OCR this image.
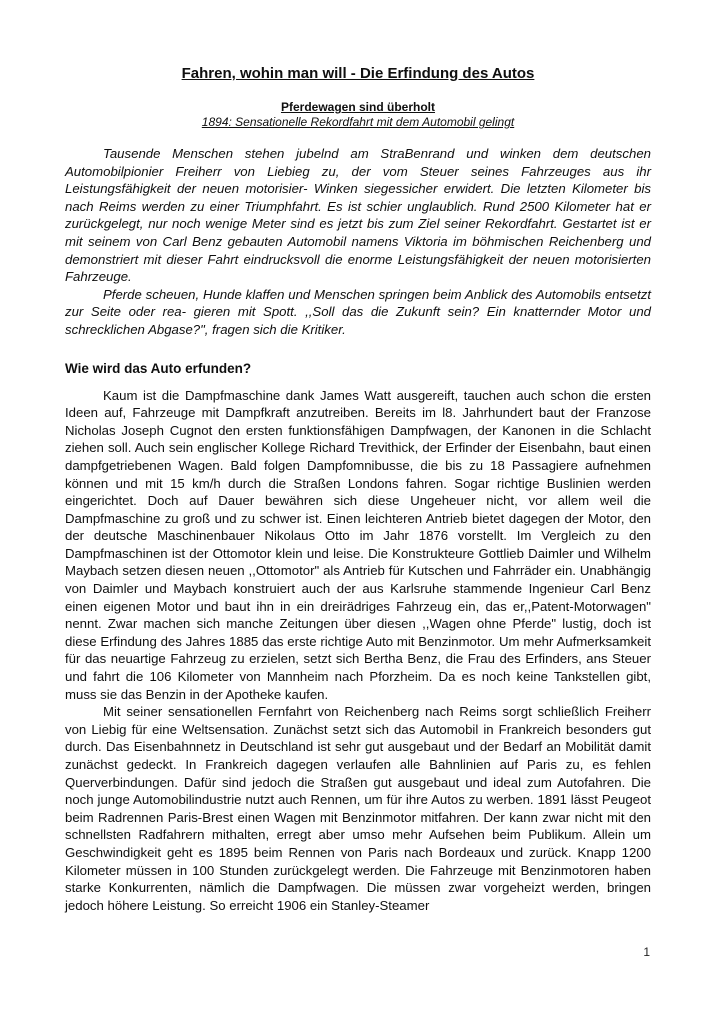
Fahren, wohin man will - Die Erfindung des Autos
Pferdewagen sind überholt
1894: Sensationelle Rekordfahrt mit dem Automobil gelingt

Tausende Menschen stehen jubelnd am StraBenrand und winken dem deutschen Automobilpionier Freiherr von Liebieg zu, der vom Steuer seines Fahrzeuges aus ihr Leistungsfähigkeit der neuen motorisier- Winken siegessicher erwidert. Die letzten Kilometer bis nach Reims werden zu einer Triumphfahrt. Es ist schier unglaublich. Rund 2500 Kilometer hat er zurückgelegt, nur noch wenige Meter sind es jetzt bis zum Ziel seiner Rekordfahrt. Gestartet ist er mit seinem von Carl Benz gebauten Automobil namens Viktoria im böhmischen Reichenberg und demonstriert mit dieser Fahrt eindrucksvoll die enorme Leistungsfähigkeit der neuen motorisierten Fahrzeuge.

Pferde scheuen, Hunde klaffen und Menschen springen beim Anblick des Automobils entsetzt zur Seite oder rea- gieren mit Spott. ,,Soll das die Zukunft sein? Ein knatternder Motor und schrecklichen Abgase?", fragen sich die Kritiker.

Wie wird das Auto erfunden?

Kaum ist die Dampfmaschine dank James Watt ausgereift, tauchen auch schon die ersten Ideen auf, Fahrzeuge mit Dampfkraft anzutreiben. Bereits im l8. Jahrhundert baut der Franzose Nicholas Joseph Cugnot den ersten funktionsfähigen Dampfwagen, der Kanonen in die Schlacht ziehen soll. Auch sein englischer Kollege Richard Trevithick, der Erfinder der Eisenbahn, baut einen dampfgetriebenen Wagen. Bald folgen Dampfomnibusse, die bis zu 18 Passagiere aufnehmen können und mit 15 km/h durch die Straßen Londons fahren. Sogar richtige Buslinien werden eingerichtet. Doch auf Dauer bewähren sich diese Ungeheuer nicht, vor allem weil die Dampfmaschine zu groß und zu schwer ist. Einen leichteren Antrieb bietet dagegen der Motor, den der deutsche Maschinenbauer Nikolaus Otto im Jahr 1876 vorstellt. Im Vergleich zu den Dampfmaschinen ist der Ottomotor klein und leise. Die Konstrukteure Gottlieb Daimler und Wilhelm Maybach setzen diesen neuen ,,Ottomotor" als Antrieb für Kutschen und Fahrräder ein. Unabhängig von Daimler und Maybach konstruiert auch der aus Karlsruhe stammende Ingenieur Carl Benz einen eigenen Motor und baut ihn in ein dreirädriges Fahrzeug ein, das er,,Patent-Motorwagen" nennt. Zwar machen sich manche Zeitungen über diesen ,,Wagen ohne Pferde" lustig, doch ist diese Erfindung des Jahres 1885 das erste richtige Auto mit Benzinmotor. Um mehr Aufmerksamkeit für das neuartige Fahrzeug zu erzielen, setzt sich Bertha Benz, die Frau des Erfinders, ans Steuer und fahrt die 106 Kilometer von Mannheim nach Pforzheim. Da es noch keine Tankstellen gibt, muss sie das Benzin in der Apotheke kaufen.

Mit seiner sensationellen Fernfahrt von Reichenberg nach Reims sorgt schließlich Freiherr von Liebig für eine Weltsensation. Zunächst setzt sich das Automobil in Frankreich besonders gut durch. Das Eisenbahnnetz in Deutschland ist sehr gut ausgebaut und der Bedarf an Mobilität damit zunächst gedeckt. In Frankreich dagegen verlaufen alle Bahnlinien auf Paris zu, es fehlen Querverbindungen. Dafür sind jedoch die Straßen gut ausgebaut und ideal zum Autofahren. Die noch junge Automobilindustrie nutzt auch Rennen, um für ihre Autos zu werben. 1891 lässt Peugeot beim Radrennen Paris-Brest einen Wagen mit Benzinmotor mitfahren. Der kann zwar nicht mit den schnellsten Radfahrern mithalten, erregt aber umso mehr Aufsehen beim Publikum. Allein um Geschwindigkeit geht es 1895 beim Rennen von Paris nach Bordeaux und zurück. Knapp 1200 Kilometer müssen in 100 Stunden zurückgelegt werden. Die Fahrzeuge mit Benzinmotoren haben starke Konkurrenten, nämlich die Dampfwagen. Die müssen zwar vorgeheizt werden, bringen jedoch höhere Leistung. So erreicht 1906 ein Stanley-Steamer

1
